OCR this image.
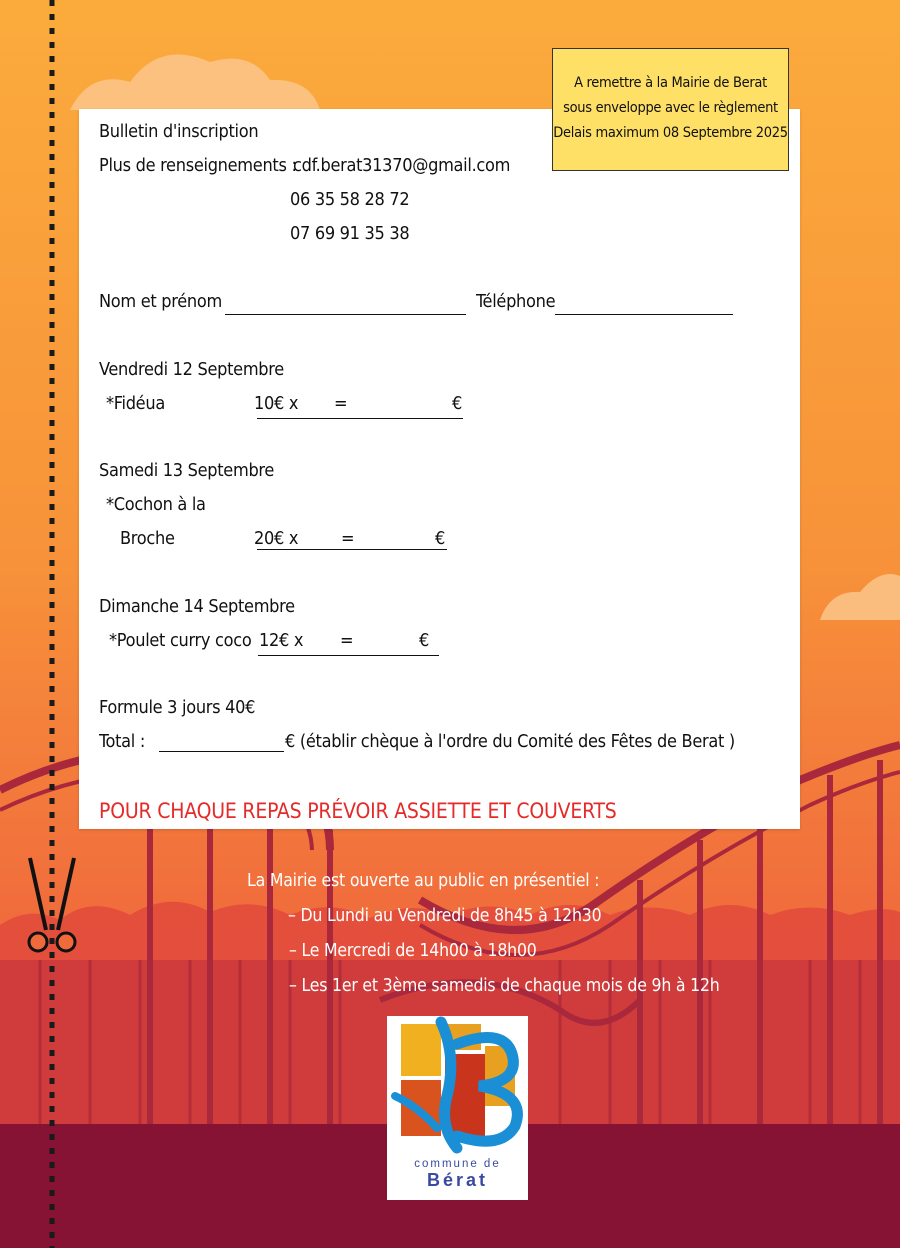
A remettre à la Mairie de Berat
sous enveloppe avec le règlement
Delais maximum 08 Septembre 2025
Bulletin d'inscription
Plus de renseignements :
cdf.berat31370@gmail.com
06 35 58 28 72
07 69 91 35 38
Nom et prénom	Téléphone
Vendredi 12 Septembre
*Fidéua	10€ x =	€
Samedi 13 Septembre
*Cochon à la
Broche	20€ x =	€
Dimanche 14 Septembre
*Poulet curry coco 12€ x =	€
Formule 3 jours 40€
Total :	€ (établir chèque à l'ordre du Comité des Fêtes de Berat )
POUR CHAQUE REPAS PRÉVOIR ASSIETTE ET COUVERTS
La Mairie est ouverte au public en présentiel :
– Du Lundi au Vendredi de 8h45 à 12h30
– Le Mercredi de 14h00 à 18h00
– Les 1er et 3ème samedis de chaque mois de 9h à 12h
commune de
Bérat
